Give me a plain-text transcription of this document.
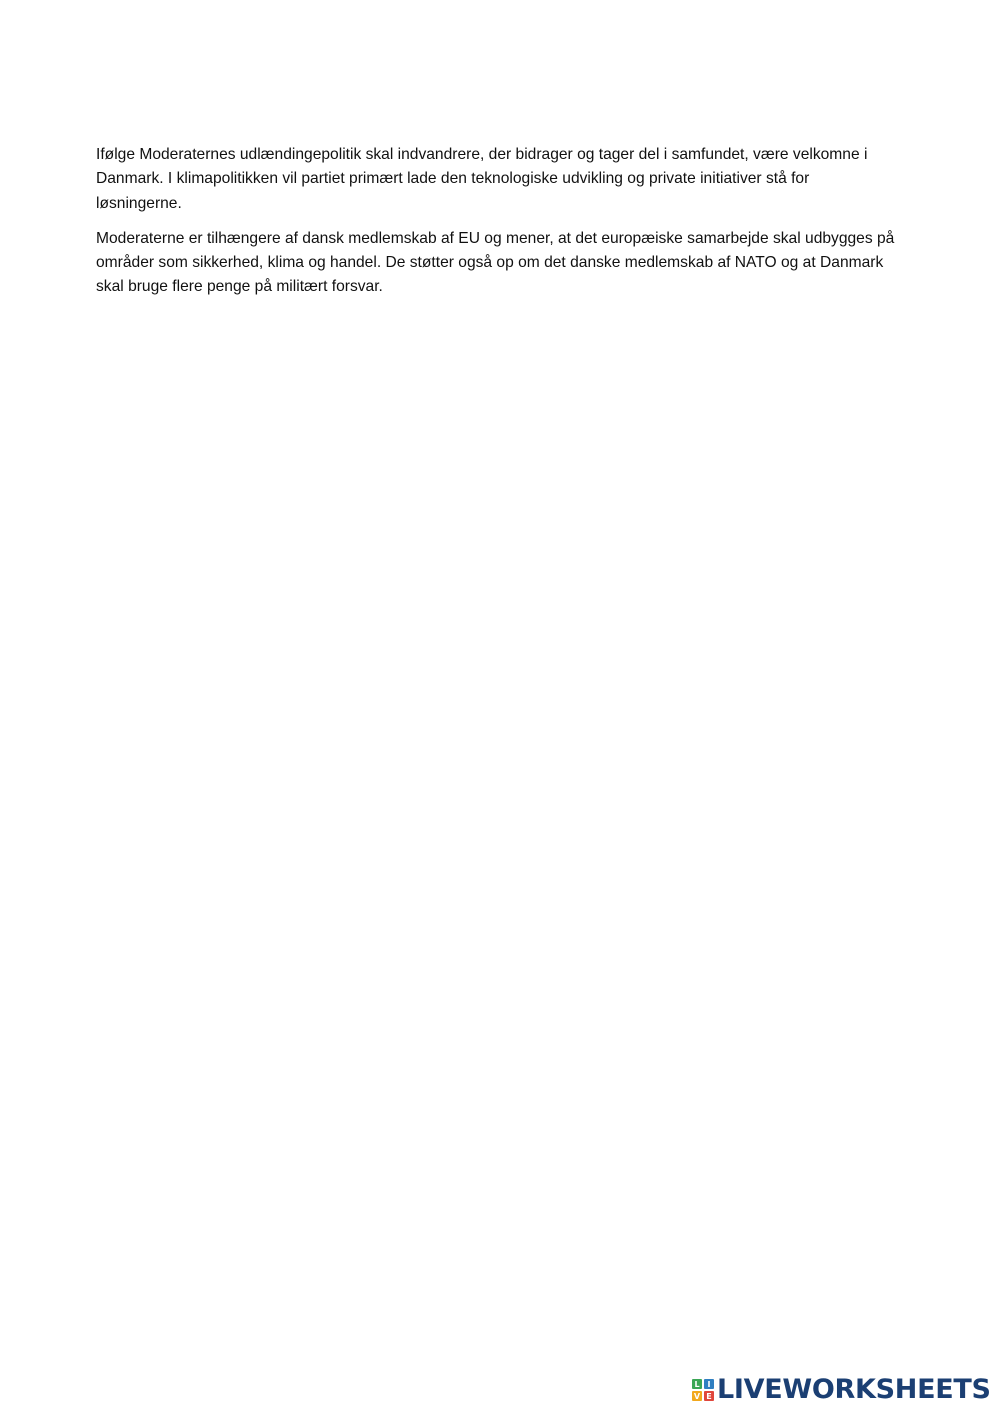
Ifølge Moderaternes udlændingepolitik skal indvandrere, der bidrager og tager del i samfundet, være velkomne i Danmark. I klimapolitikken vil partiet primært lade den teknologiske udvikling og private initiativer stå for løsningerne.

Moderaterne er tilhængere af dansk medlemskab af EU og mener, at det europæiske samarbejde skal udbygges på områder som sikkerhed, klima og handel. De støtter også op om det danske medlemskab af NATO og at Danmark skal bruge flere penge på militært forsvar.

L I
V E LIVEWORKSHEETS
